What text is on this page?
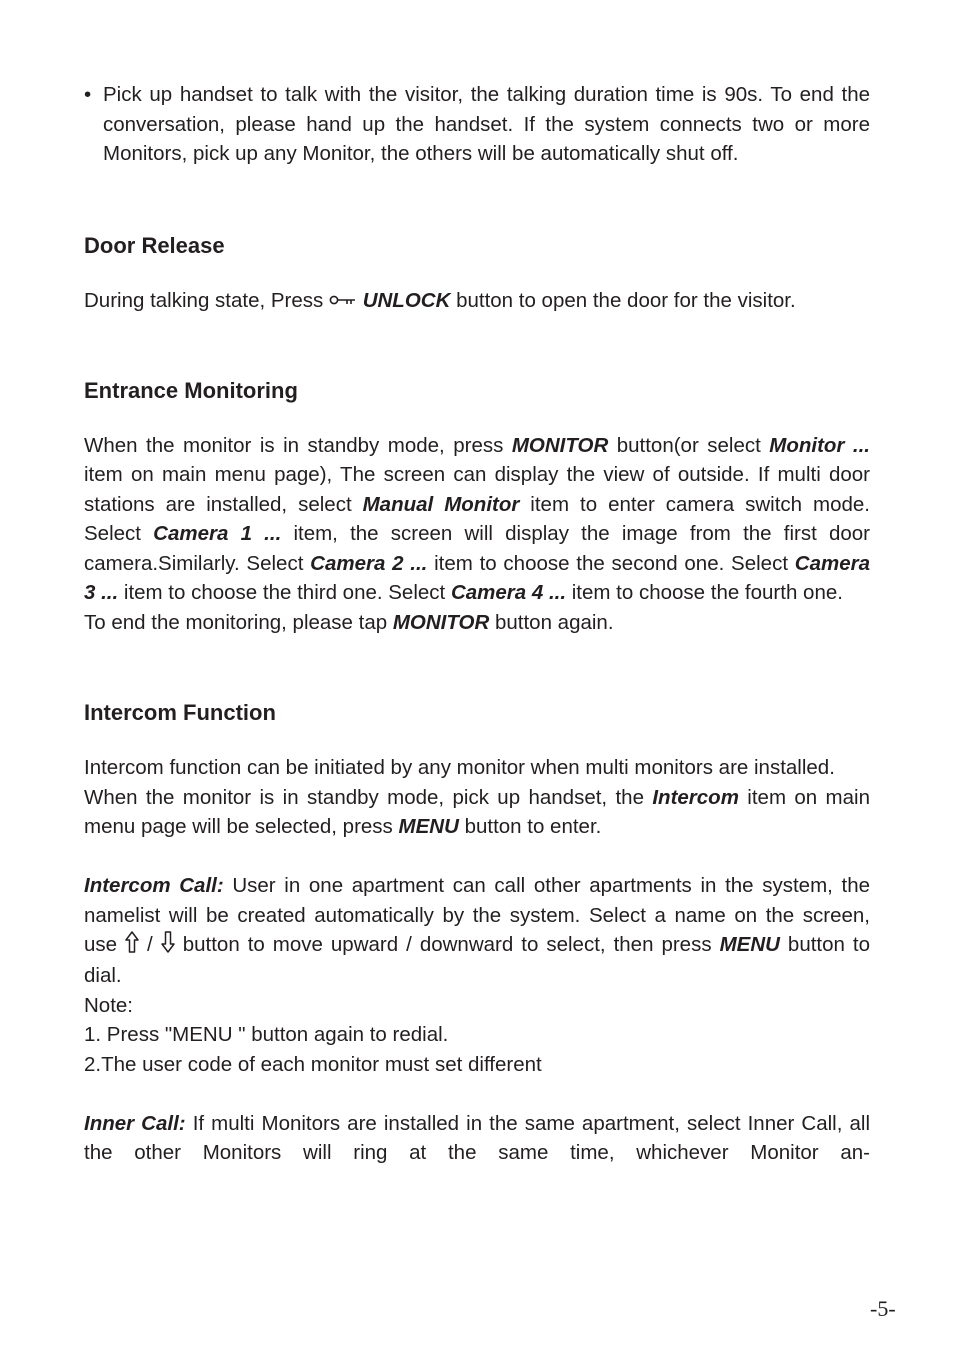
• Pick up handset to talk with the visitor, the talking duration time is 90s. To end the conversation, please hand up the handset. If the system connects two or more Monitors, pick up any Monitor, the others will be automatically shut off.

Door Release

During talking state, Press  UNLOCK button to open the door for the visitor.

Entrance Monitoring

When the monitor is in standby mode, press MONITOR button(or select Monitor ... item on main menu page), The screen can display the view of outside. If multi door stations are installed, select Manual Monitor item to enter camera switch mode. Select Camera 1 ... item, the screen will display the image from the first door camera.Similarly. Select Camera 2 ... item to choose the second one. Select Camera 3 ... item to choose the third one. Select Camera 4 ... item to choose the fourth one.

To end the monitoring, please tap MONITOR button again.

Intercom Function

Intercom function can be initiated by any monitor when multi monitors are installed.

When the monitor is in standby mode, pick up handset, the Intercom item on main menu page will be selected, press MENU button to enter.

Intercom Call: User in one apartment can call other apartments in the system, the namelist will be created automatically by the system. Select a name on the screen, use  /  button to move upward / downward to select, then press MENU button to dial.

Note:

1. Press "MENU " button again to redial.

2.The user code of each monitor must set different

Inner Call: If multi Monitors are installed in the same apartment, select Inner Call, all the other Monitors will ring at the same time, whichever Monitor an-

-5-
